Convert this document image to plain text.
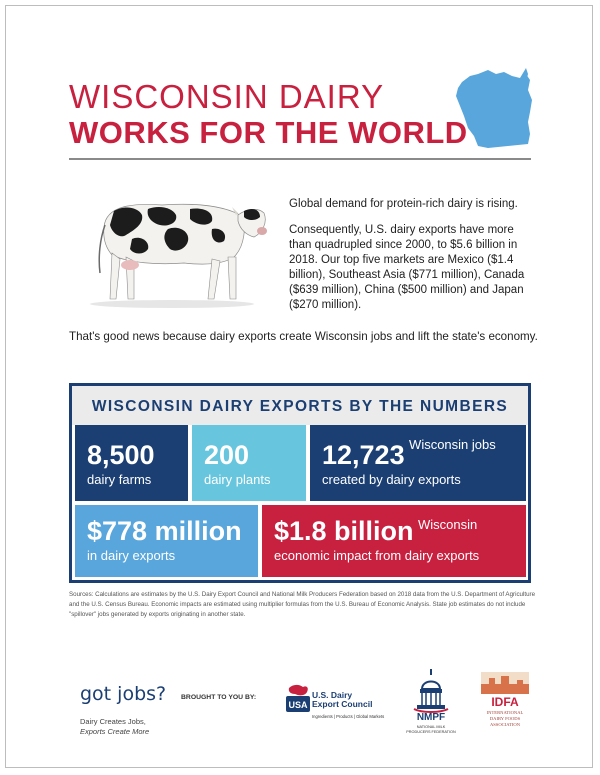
WISCONSIN DAIRY
WORKS FOR THE WORLD

Global demand for protein-rich dairy is rising.

Consequently, U.S. dairy exports have more than quadrupled since 2000, to $5.6 billion in 2018. Our top five markets are Mexico ($1.4 billion), Southeast Asia ($771 million), Canada ($639 million), China ($500 million) and Japan ($270 million).

That's good news because dairy exports create Wisconsin jobs and lift the state's economy.
WISCONSIN DAIRY EXPORTS BY THE NUMBERS
8,500
dairy farms
200
dairy plants
12,723 Wisconsin jobs
created by dairy exports
$778 million
in dairy exports
$1.8 billion Wisconsin
economic impact from dairy exports
Sources: Calculations are estimates by the U.S. Dairy Export Council and National Milk Producers Federation based on 2018 data from the U.S. Department of Agriculture and the U.S. Census Bureau. Economic impacts are estimated using multiplier formulas from the U.S. Bureau of Economic Analysis. State job estimates do not include "spillover" jobs generated by exports originating in another state.
got jobs?
Dairy Creates Jobs,
Exports Create More
BROUGHT TO YOU BY:
USA
U.S. Dairy
Export Council
Ingredients | Products | Global Markets	NMPF
NATIONAL MILK PRODUCERS FEDERATION
IDFA
INTERNATIONAL
DAIRY FOODS
ASSOCIATION
